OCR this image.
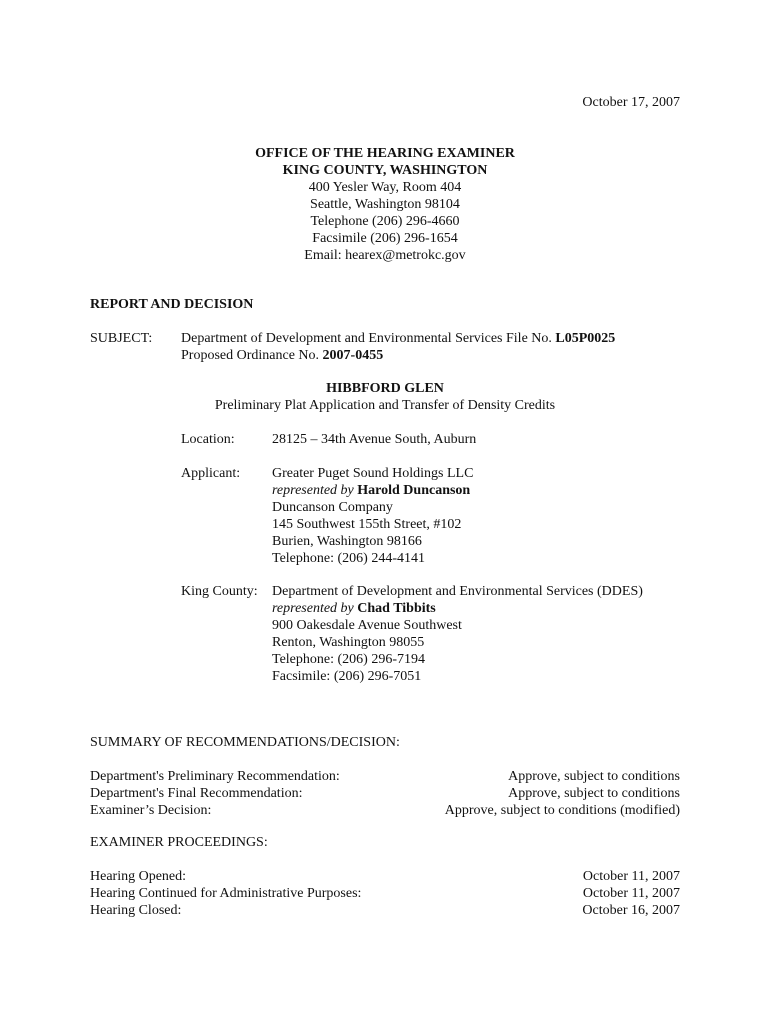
October 17, 2007
OFFICE OF THE HEARING EXAMINER
KING COUNTY, WASHINGTON
400 Yesler Way, Room 404
Seattle, Washington 98104
Telephone (206) 296-4660
Facsimile (206) 296-1654
Email: hearex@metrokc.gov
REPORT AND DECISION
SUBJECT: Department of Development and Environmental Services File No. L05P0025
Proposed Ordinance No. 2007-0455
HIBBFORD GLEN
Preliminary Plat Application and Transfer of Density Credits
Location:	28125 – 34th Avenue South, Auburn
Applicant: Greater Puget Sound Holdings LLC
represented by Harold Duncanson
Duncanson Company
145 Southwest 155th Street, #102
Burien, Washington 98166
Telephone: (206) 244-4141
King County: Department of Development and Environmental Services (DDES)
represented by Chad Tibbits
900 Oakesdale Avenue Southwest
Renton, Washington 98055
Telephone: (206) 296-7194
Facsimile: (206) 296-7051
SUMMARY OF RECOMMENDATIONS/DECISION:
Department's Preliminary Recommendation:	Approve, subject to conditions
Department's Final Recommendation:	Approve, subject to conditions
Examiner’s Decision:	Approve, subject to conditions (modified)
EXAMINER PROCEEDINGS:
Hearing Opened:	October 11, 2007
Hearing Continued for Administrative Purposes:	October 11, 2007
Hearing Closed:	October 16, 2007
